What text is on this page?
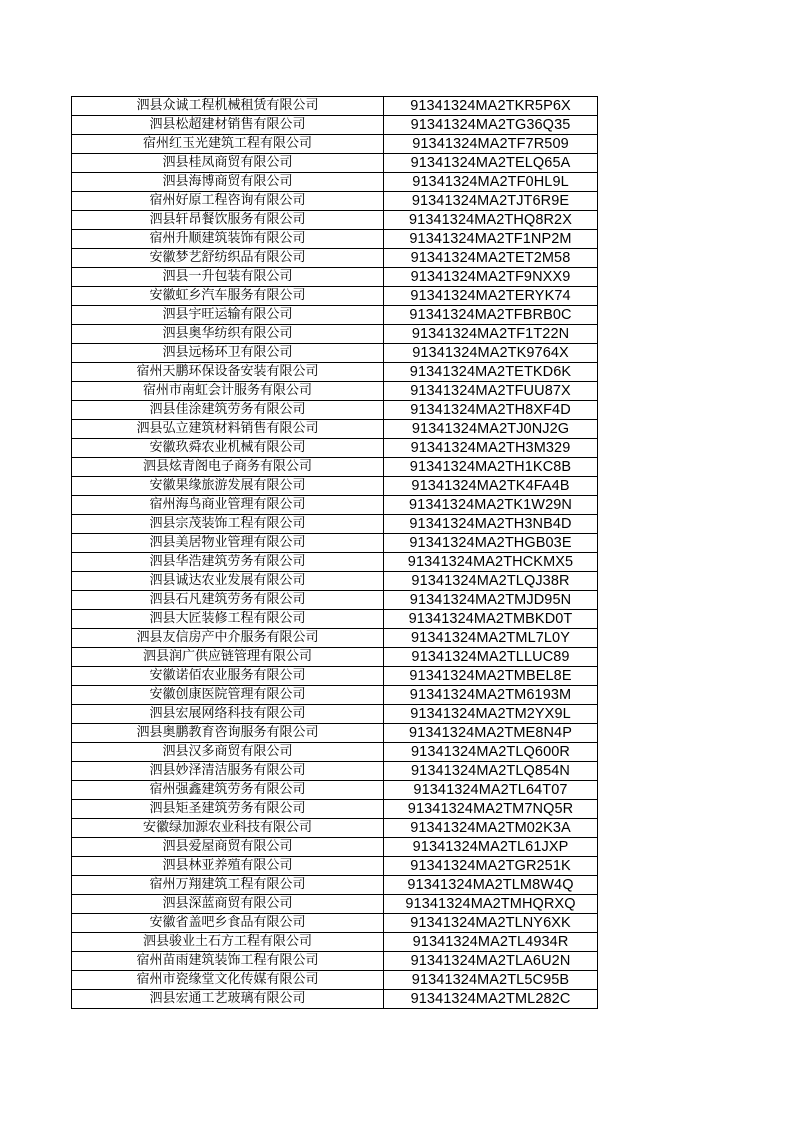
泗县众诚工程机械租赁有限公司	91341324MA2TKR5P6X
泗县松超建材销售有限公司	91341324MA2TG36Q35
宿州红玉光建筑工程有限公司	91341324MA2TF7R509
泗县桂凤商贸有限公司	91341324MA2TELQ65A
泗县海博商贸有限公司	91341324MA2TF0HL9L
宿州好原工程咨询有限公司	91341324MA2TJT6R9E
泗县轩昂餐饮服务有限公司	91341324MA2THQ8R2X
宿州升顺建筑装饰有限公司	91341324MA2TF1NP2M
安徽梦艺舒纺织品有限公司	91341324MA2TET2M58
泗县一升包装有限公司	91341324MA2TF9NXX9
安徽虹乡汽车服务有限公司	91341324MA2TERYK74
泗县宇旺运输有限公司	91341324MA2TFBRB0C
泗县奥华纺织有限公司	91341324MA2TF1T22N
泗县远杨环卫有限公司	91341324MA2TK9764X
宿州天鹏环保设备安装有限公司	91341324MA2TETKD6K
宿州市南虹会计服务有限公司	91341324MA2TFUU87X
泗县佳涂建筑劳务有限公司	91341324MA2TH8XF4D
泗县弘立建筑材料销售有限公司	91341324MA2TJ0NJ2G
安徽玖舜农业机械有限公司	91341324MA2TH3M329
泗县炫青阁电子商务有限公司	91341324MA2TH1KC8B
安徽果缘旅游发展有限公司	91341324MA2TK4FA4B
宿州海鸟商业管理有限公司	91341324MA2TK1W29N
泗县宗茂装饰工程有限公司	91341324MA2TH3NB4D
泗县美居物业管理有限公司	91341324MA2THGB03E
泗县华浩建筑劳务有限公司	91341324MA2THCKMX5
泗县诚达农业发展有限公司	91341324MA2TLQJ38R
泗县石凡建筑劳务有限公司	91341324MA2TMJD95N
泗县大匠装修工程有限公司	91341324MA2TMBKD0T
泗县友信房产中介服务有限公司	91341324MA2TML7L0Y
泗县润广供应链管理有限公司	91341324MA2TLLUC89
安徽诺佰农业服务有限公司	91341324MA2TMBEL8E
安徽创康医院管理有限公司	91341324MA2TM6193M
泗县宏展网络科技有限公司	91341324MA2TM2YX9L
泗县奥鹏教育咨询服务有限公司	91341324MA2TME8N4P
泗县汉多商贸有限公司	91341324MA2TLQ600R
泗县妙泽清洁服务有限公司	91341324MA2TLQ854N
宿州强鑫建筑劳务有限公司	91341324MA2TL64T07
泗县矩圣建筑劳务有限公司	91341324MA2TM7NQ5R
安徽绿加源农业科技有限公司	91341324MA2TM02K3A
泗县爱屋商贸有限公司	91341324MA2TL61JXP
泗县林亚养殖有限公司	91341324MA2TGR251K
宿州万翔建筑工程有限公司	91341324MA2TLM8W4Q
泗县深蓝商贸有限公司	91341324MA2TMHQRXQ
安徽省盖吧乡食品有限公司	91341324MA2TLNY6XK
泗县骏业土石方工程有限公司	91341324MA2TL4934R
宿州苗雨建筑装饰工程有限公司	91341324MA2TLA6U2N
宿州市瓷缘堂文化传媒有限公司	91341324MA2TL5C95B
泗县宏通工艺玻璃有限公司	91341324MA2TML282C
